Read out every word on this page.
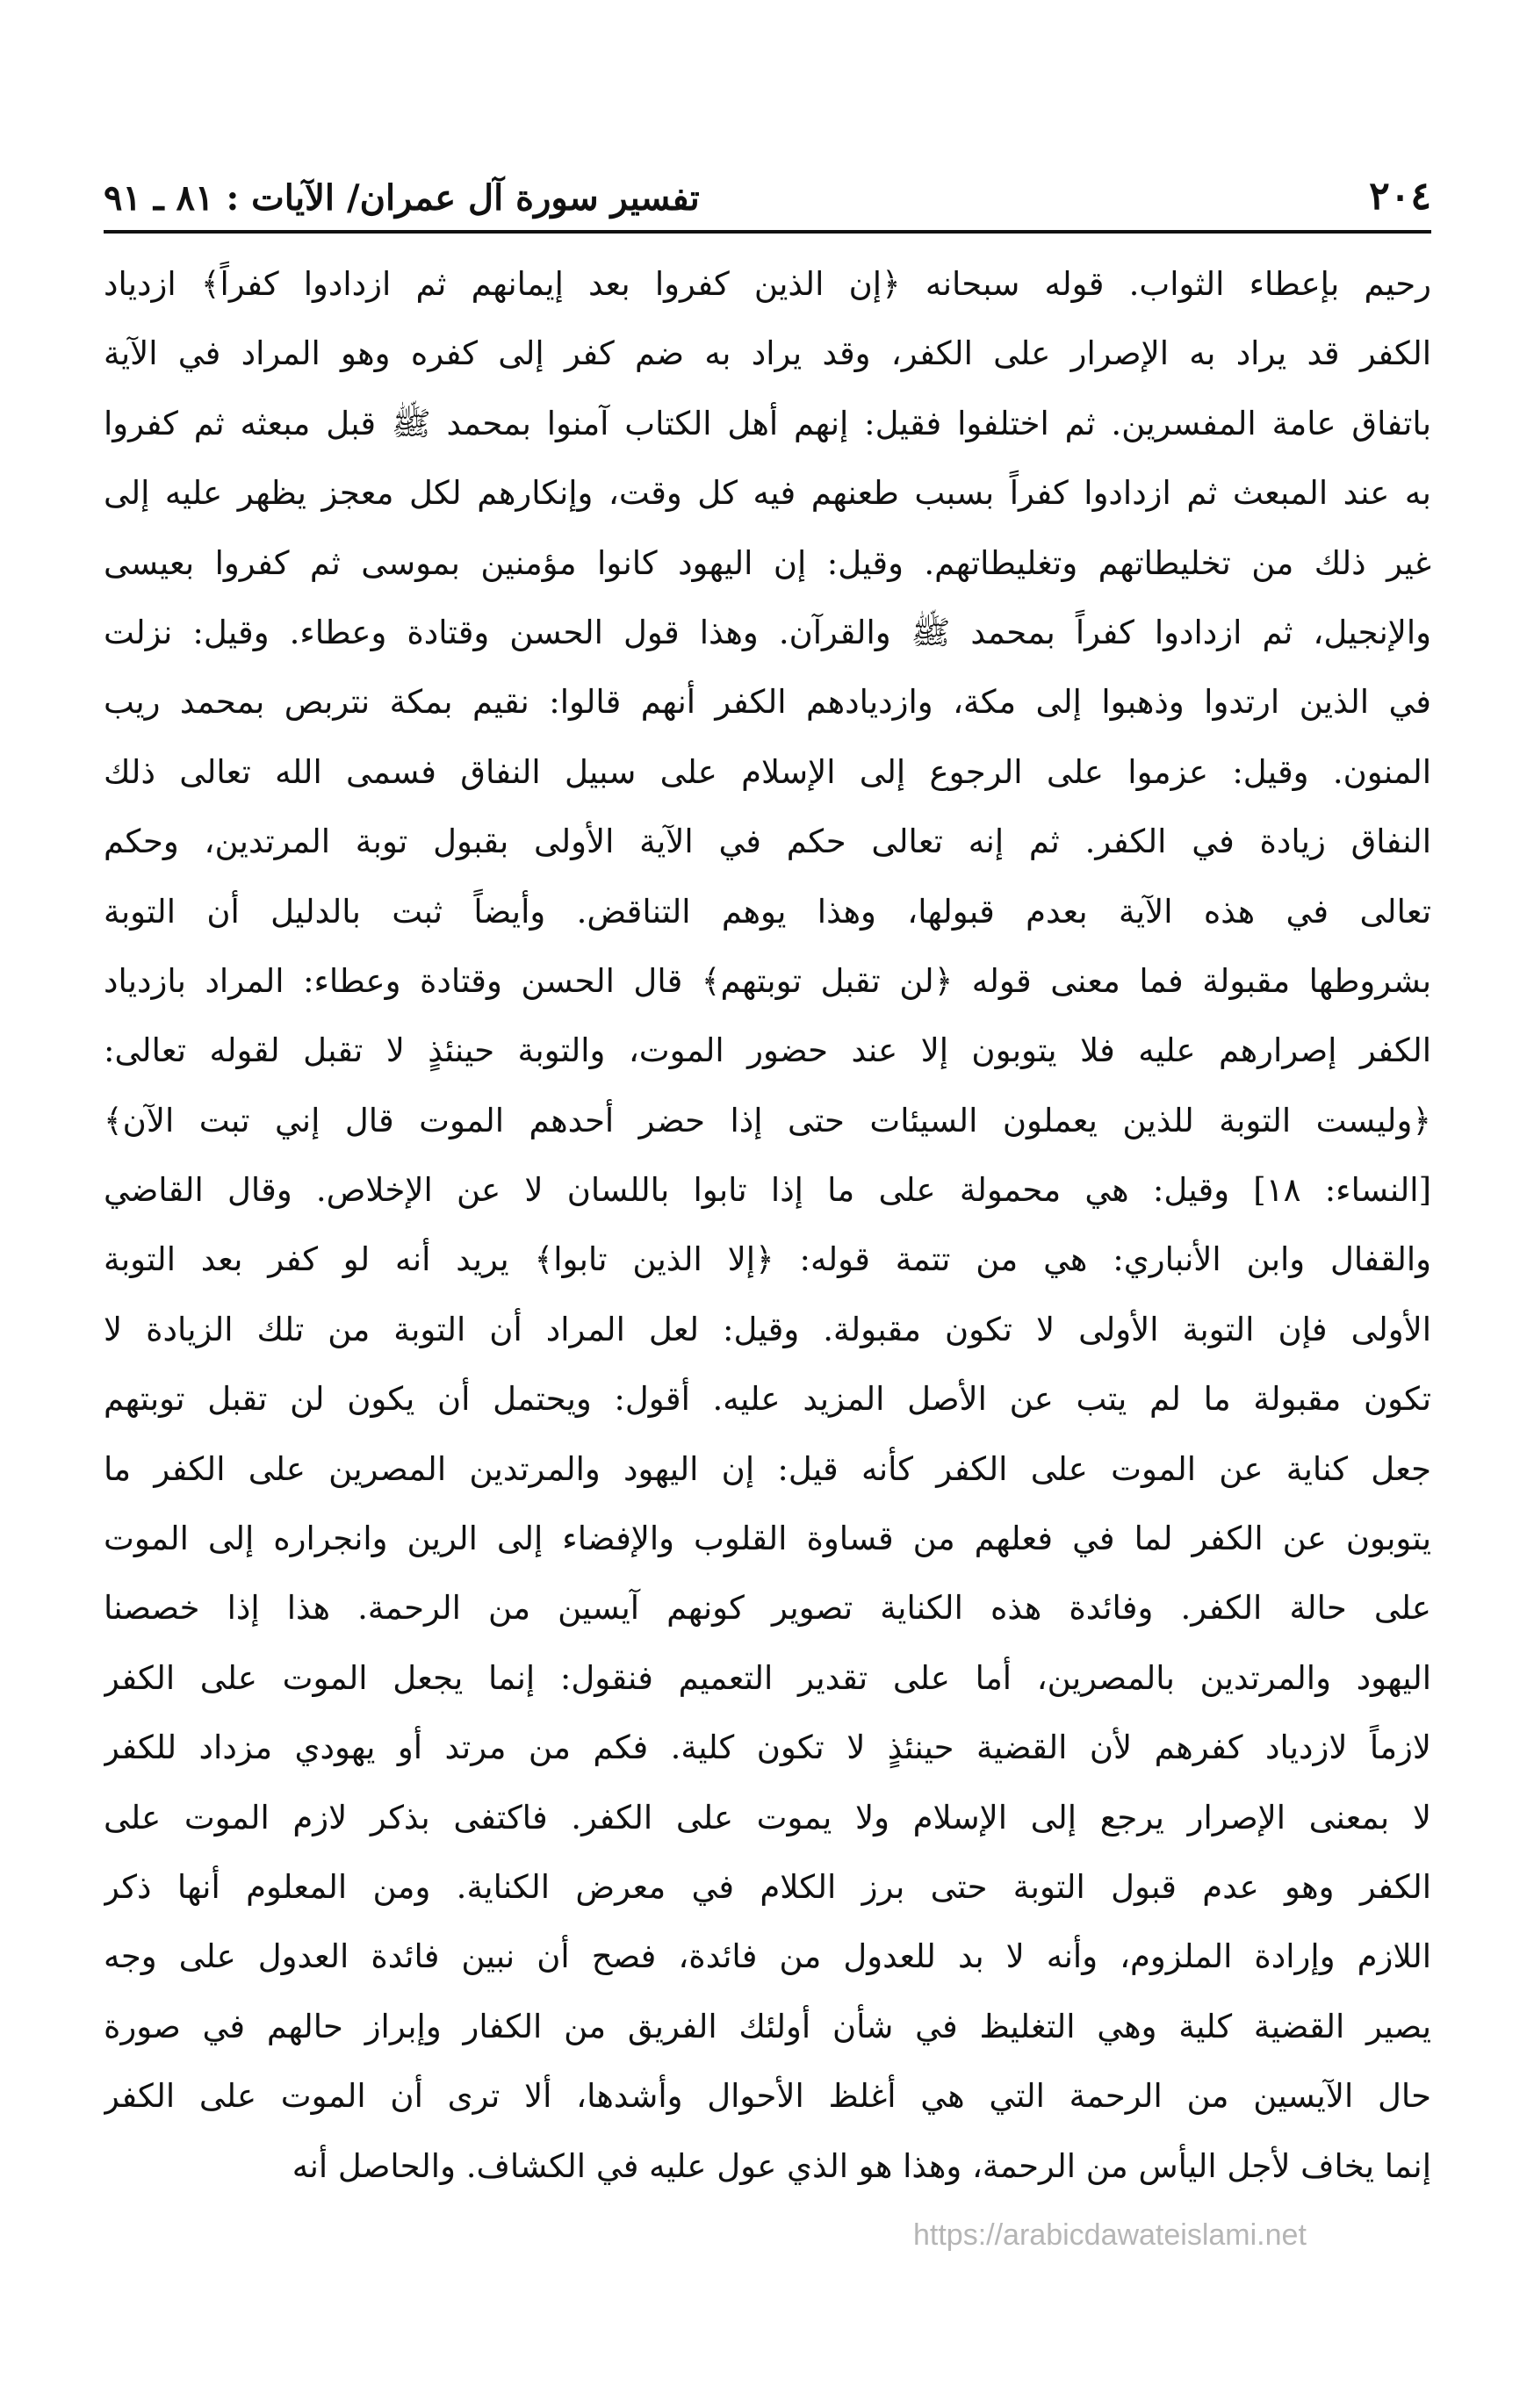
٢٠٤
تفسير سورة آل عمران/ الآيات : ٨١ ـ ٩١
رحيم بإعطاء الثواب. قوله سبحانه ﴿إن الذين كفروا بعد إيمانهم ثم ازدادوا كفراً﴾ ازدياد
الكفر قد يراد به الإصرار على الكفر، وقد يراد به ضم كفر إلى كفره وهو المراد في الآية
باتفاق عامة المفسرين. ثم اختلفوا فقيل: إنهم أهل الكتاب آمنوا بمحمد ﷺ قبل مبعثه ثم كفروا
به عند المبعث ثم ازدادوا كفراً بسبب طعنهم فيه كل وقت، وإنكارهم لكل معجز يظهر عليه إلى
غير ذلك من تخليطاتهم وتغليطاتهم. وقيل: إن اليهود كانوا مؤمنين بموسى ثم كفروا بعيسى
والإنجيل، ثم ازدادوا كفراً بمحمد ﷺ والقرآن. وهذا قول الحسن وقتادة وعطاء. وقيل: نزلت
في الذين ارتدوا وذهبوا إلى مكة، وازديادهم الكفر أنهم قالوا: نقيم بمكة نتربص بمحمد ريب
المنون. وقيل: عزموا على الرجوع إلى الإسلام على سبيل النفاق فسمى الله تعالى ذلك
النفاق زيادة في الكفر. ثم إنه تعالى حكم في الآية الأولى بقبول توبة المرتدين، وحكم
تعالى في هذه الآية بعدم قبولها، وهذا يوهم التناقض. وأيضاً ثبت بالدليل أن التوبة
بشروطها مقبولة فما معنى قوله ﴿لن تقبل توبتهم﴾ قال الحسن وقتادة وعطاء: المراد بازدياد
الكفر إصرارهم عليه فلا يتوبون إلا عند حضور الموت، والتوبة حينئذٍ لا تقبل لقوله تعالى:
﴿وليست التوبة للذين يعملون السيئات حتى إذا حضر أحدهم الموت قال إني تبت الآن﴾
[النساء: ١٨] وقيل: هي محمولة على ما إذا تابوا باللسان لا عن الإخلاص. وقال القاضي
والقفال وابن الأنباري: هي من تتمة قوله: ﴿إلا الذين تابوا﴾ يريد أنه لو كفر بعد التوبة
الأولى فإن التوبة الأولى لا تكون مقبولة. وقيل: لعل المراد أن التوبة من تلك الزيادة لا
تكون مقبولة ما لم يتب عن الأصل المزيد عليه. أقول: ويحتمل أن يكون لن تقبل توبتهم
جعل كناية عن الموت على الكفر كأنه قيل: إن اليهود والمرتدين المصرين على الكفر ما
يتوبون عن الكفر لما في فعلهم من قساوة القلوب والإفضاء إلى الرين وانجراره إلى الموت
على حالة الكفر. وفائدة هذه الكناية تصوير كونهم آيسين من الرحمة. هذا إذا خصصنا
اليهود والمرتدين بالمصرين، أما على تقدير التعميم فنقول: إنما يجعل الموت على الكفر
لازماً لازدياد كفرهم لأن القضية حينئذٍ لا تكون كلية. فكم من مرتد أو يهودي مزداد للكفر
لا بمعنى الإصرار يرجع إلى الإسلام ولا يموت على الكفر. فاكتفى بذكر لازم الموت على
الكفر وهو عدم قبول التوبة حتى برز الكلام في معرض الكناية. ومن المعلوم أنها ذكر
اللازم وإرادة الملزوم، وأنه لا بد للعدول من فائدة، فصح أن نبين فائدة العدول على وجه
يصير القضية كلية وهي التغليظ في شأن أولئك الفريق من الكفار وإبراز حالهم في صورة
حال الآيسين من الرحمة التي هي أغلظ الأحوال وأشدها، ألا ترى أن الموت على الكفر
إنما يخاف لأجل اليأس من الرحمة، وهذا هو الذي عول عليه في الكشاف. والحاصل أنه
https://arabicdawateislami.net
